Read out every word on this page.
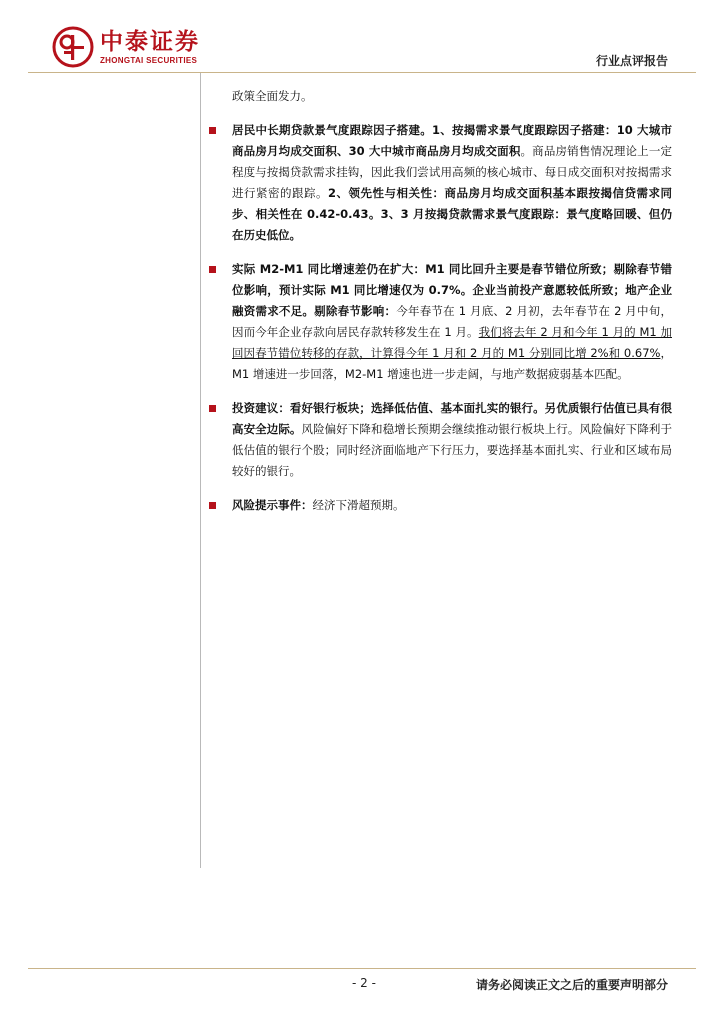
中泰证券
ZHONGTAI SECURITIES	行业点评报告

政策全面发力。

居民中长期贷款景气度跟踪因子搭建。1、按揭需求景气度跟踪因子搭建：10 大城市商品房月均成交面积、30 大中城市商品房月均成交面积。商品房销售情况理论上一定程度与按揭贷款需求挂钩，因此我们尝试用高频的核心城市、每日成交面积对按揭需求进行紧密的跟踪。2、领先性与相关性：商品房月均成交面积基本跟按揭信贷需求同步、相关性在 0.42-0.43。3、3 月按揭贷款需求景气度跟踪：景气度略回暖、但仍在历史低位。

实际 M2-M1 同比增速差仍在扩大：M1 同比回升主要是春节错位所致；剔除春节错位影响，预计实际 M1 同比增速仅为 0.7%。企业当前投产意愿较低所致；地产企业融资需求不足。剔除春节影响：今年春节在 1 月底、2 月初，去年春节在 2 月中旬，因而今年企业存款向居民存款转移发生在 1 月。我们将去年 2 月和今年 1 月的 M1 加回因春节错位转移的存款，计算得今年 1 月和 2 月的 M1 分别同比增 2%和 0.67%，M1 增速进一步回落，M2-M1 增速也进一步走阔，与地产数据疲弱基本匹配。

投资建议：看好银行板块；选择低估值、基本面扎实的银行。另优质银行估值已具有很高安全边际。风险偏好下降和稳增长预期会继续推动银行板块上行。风险偏好下降利于低估值的银行个股；同时经济面临地产下行压力，要选择基本面扎实、行业和区域布局较好的银行。

风险提示事件：经济下滑超预期。

- 2 -	请务必阅读正文之后的重要声明部分
